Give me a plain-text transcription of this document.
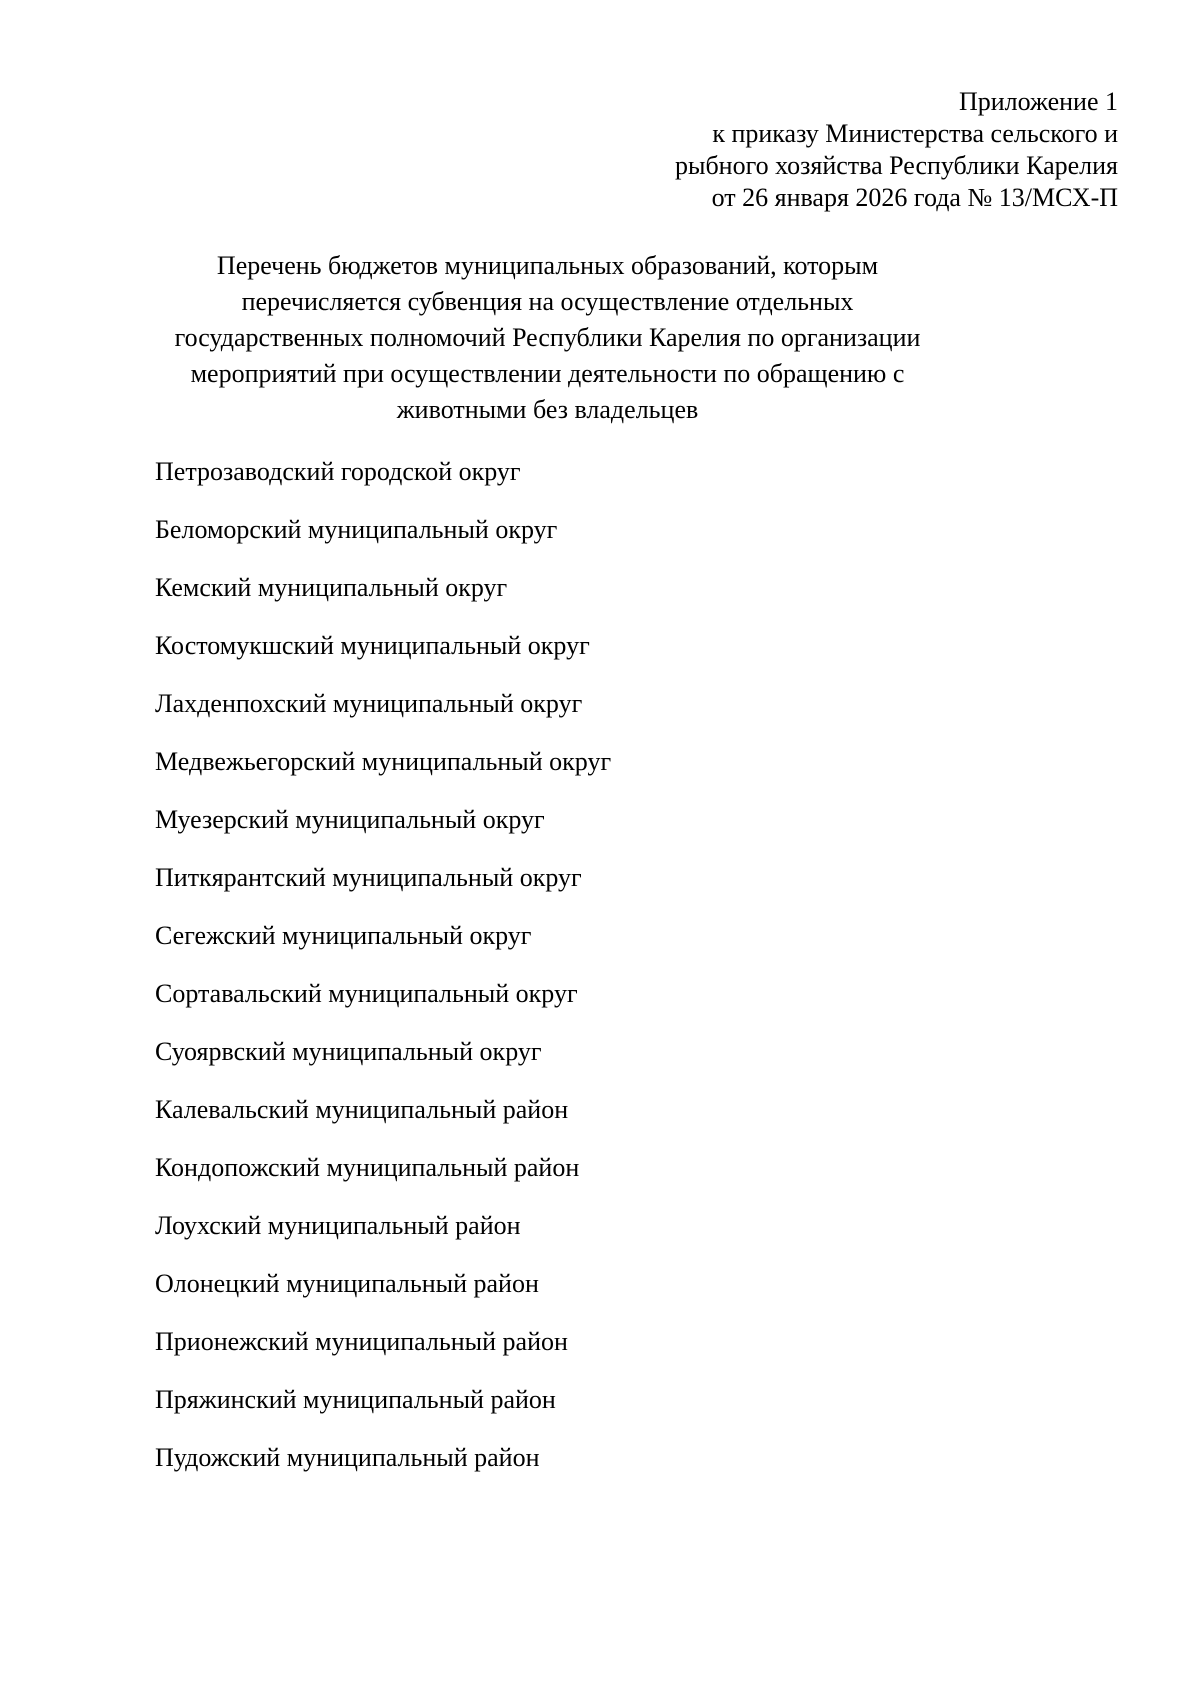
Приложение 1
к приказу Министерства сельского и
рыбного хозяйства Республики Карелия
от 26 января 2026 года № 13/МСХ-П
Перечень бюджетов муниципальных образований, которым
перечисляется субвенция на осуществление отдельных
государственных полномочий Республики Карелия по организации
мероприятий при осуществлении деятельности по обращению с
животными без владельцев
Петрозаводский городской округ
Беломорский муниципальный округ
Кемский муниципальный округ
Костомукшский муниципальный округ
Лахденпохский муниципальный округ
Медвежьегорский муниципальный округ
Муезерский муниципальный округ
Питкярантский муниципальный округ
Сегежский муниципальный округ
Сортавальский муниципальный округ
Суоярвский муниципальный округ
Калевальский муниципальный район
Кондопожский муниципальный район
Лоухский муниципальный район
Олонецкий муниципальный район
Прионежский муниципальный район
Пряжинский муниципальный район
Пудожский муниципальный район
